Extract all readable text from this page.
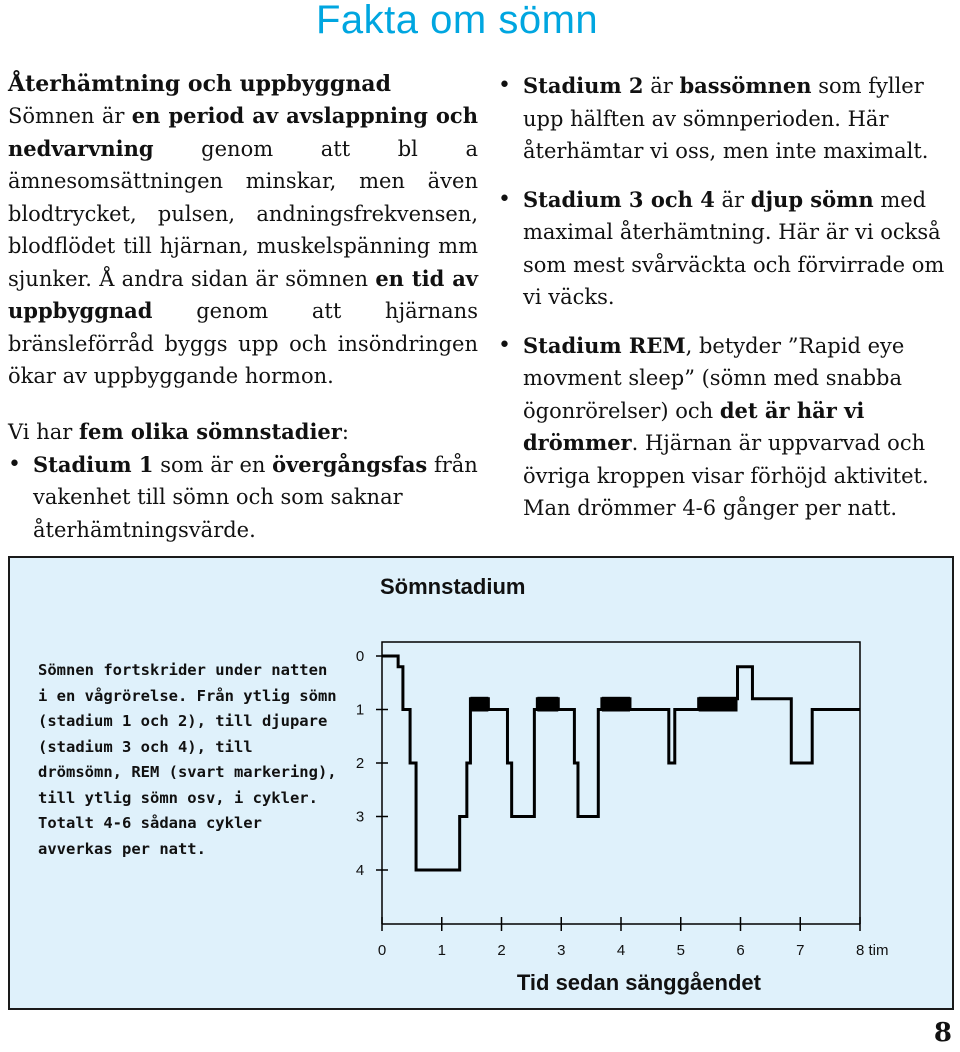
Fakta om sömn

Återhämtning och uppbyggnad

Sömnen är en period av avslappning och nedvarvning genom att bl a ämnesomsättningen minskar, men även blodtrycket, pulsen, andningsfrekvensen, blodflödet till hjärnan, muskelspänning mm sjunker. Å andra sidan är sömnen en tid av uppbyggnad genom att hjärnans bränsleförråd byggs upp och insöndringen ökar av uppbyggande hormon.

Vi har fem olika sömnstadier:

• Stadium 1 som är en övergångsfas från vakenhet till sömn och som saknar återhämtningsvärde.
• Stadium 2 är bassömnen som fyller upp hälften av sömnperioden. Här återhämtar vi oss, men inte maximalt.
• Stadium 3 och 4 är djup sömn med maximal återhämtning. Här är vi också som mest svårväckta och förvirrade om vi väcks.
• Stadium REM, betyder ”Rapid eye movment sleep” (sömn med snabba ögonrörelser) och det är här vi drömmer. Hjärnan är uppvarvad och övriga kroppen visar förhöjd aktivitet. Man drömmer 4-6 gånger per natt.
Sömnstadium

Sömnen fortskrider under natten i en vågrörelse. Från ytlig sömn (stadium 1 och 2), till djupare (stadium 3 och 4), till drömsömn, REM (svart markering), till ytlig sömn osv, i cykler. Totalt 4-6 sådana cykler avverkas per natt.

0
1
2
3
4
0	1	2	3	4	5	6	7	8 tim
Tid sedan sänggåendet
8
